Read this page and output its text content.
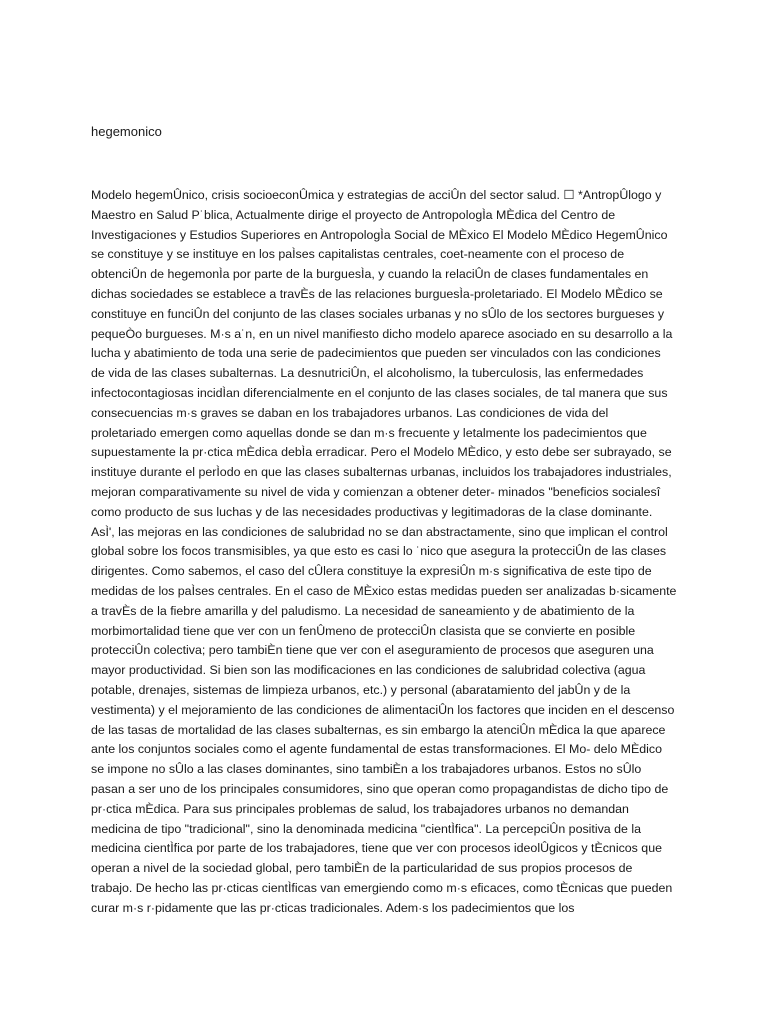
hegemonico

Modelo hegemÛnico, crisis socioeconÛmica y estrategias de acciÛn del sector salud. ☐ *AntropÛlogo y Maestro en Salud P˙blica, Actualmente dirige el proyecto de AntropologÌa MÈdica del Centro de Investigaciones y Estudios Superiores en AntropologÌa Social de MÈxico El Modelo MÈdico HegemÛnico se constituye y se instituye en los paÌses capitalistas centrales, coet-neamente con el proceso de obtenciÛn de hegemonÌa por parte de la burguesÌa, y cuando la relaciÛn de clases fundamentales en dichas sociedades se establece a travÈs de las relaciones burguesÌa-proletariado. El Modelo MÈdico se constituye en funciÛn del conjunto de las clases sociales urbanas y no sÛlo de los sectores burgueses y pequeÒo burgueses. M·s a˙n, en un nivel manifiesto dicho modelo aparece asociado en su desarrollo a la lucha y abatimiento de toda una serie de padecimientos que pueden ser vinculados con las condiciones de vida de las clases subalternas. La desnutriciÛn, el alcoholismo, la tuberculosis, las enfermedades infectocontagiosas incidÌan diferencialmente en el conjunto de las clases sociales, de tal manera que sus consecuencias m·s graves se daban en los trabajadores urbanos. Las condiciones de vida del proletariado emergen como aquellas donde se dan m·s frecuente y letalmente los padecimientos que supuestamente la pr·ctica mÈdica debÌa erradicar. Pero el Modelo MÈdico, y esto debe ser subrayado, se instituye durante el perÌodo en que las clases subalternas urbanas, incluidos los trabajadores industriales, mejoran comparativamente su nivel de vida y comienzan a obtener deter- minados "beneficios socialesî como producto de sus luchas y de las necesidades productivas y legitimadoras de la clase dominante. AsÌ', las mejoras en las condiciones de salubridad no se dan abstractamente, sino que implican el control global sobre los focos transmisibles, ya que esto es casi lo ˙nico que asegura la protecciÛn de las clases dirigentes. Como sabemos, el caso del cÛlera constituye la expresiÛn m·s significativa de este tipo de medidas de los paÌses centrales. En el caso de MÈxico estas medidas pueden ser analizadas b·sicamente a travÈs de la fiebre amarilla y del paludismo. La necesidad de saneamiento y de abatimiento de la morbimortalidad tiene que ver con un fenÛmeno de protecciÛn clasista que se convierte en posible protecciÛn colectiva; pero tambiÈn tiene que ver con el aseguramiento de procesos que aseguren una mayor productividad. Si bien son las modificaciones en las condiciones de salubridad colectiva (agua potable, drenajes, sistemas de limpieza urbanos, etc.) y personal (abaratamiento del jabÛn y de la vestimenta) y el mejoramiento de las condiciones de alimentaciÛn los factores que inciden en el descenso de las tasas de mortalidad de las clases subalternas, es sin embargo la atenciÛn mÈdica la que aparece ante los conjuntos sociales como el agente fundamental de estas transformaciones. El Mo- delo MÈdico se impone no sÛlo a las clases dominantes, sino tambiÈn a los trabajadores urbanos. Estos no sÛlo pasan a ser uno de los principales consumidores, sino que operan como propagandistas de dicho tipo de pr·ctica mÈdica. Para sus principales problemas de salud, los trabajadores urbanos no demandan medicina de tipo "tradicional", sino la denominada medicina "cientÌfica". La percepciÛn positiva de la medicina cientÌfica por parte de los trabajadores, tiene que ver con procesos ideolÛgicos y tÈcnicos que operan a nivel de la sociedad global, pero tambiÈn de la particularidad de sus propios procesos de trabajo. De hecho las pr·cticas cientÌficas van emergiendo como m·s eficaces, como tÈcnicas que pueden curar m·s r·pidamente que las pr·cticas tradicionales. Adem·s los padecimientos que los
